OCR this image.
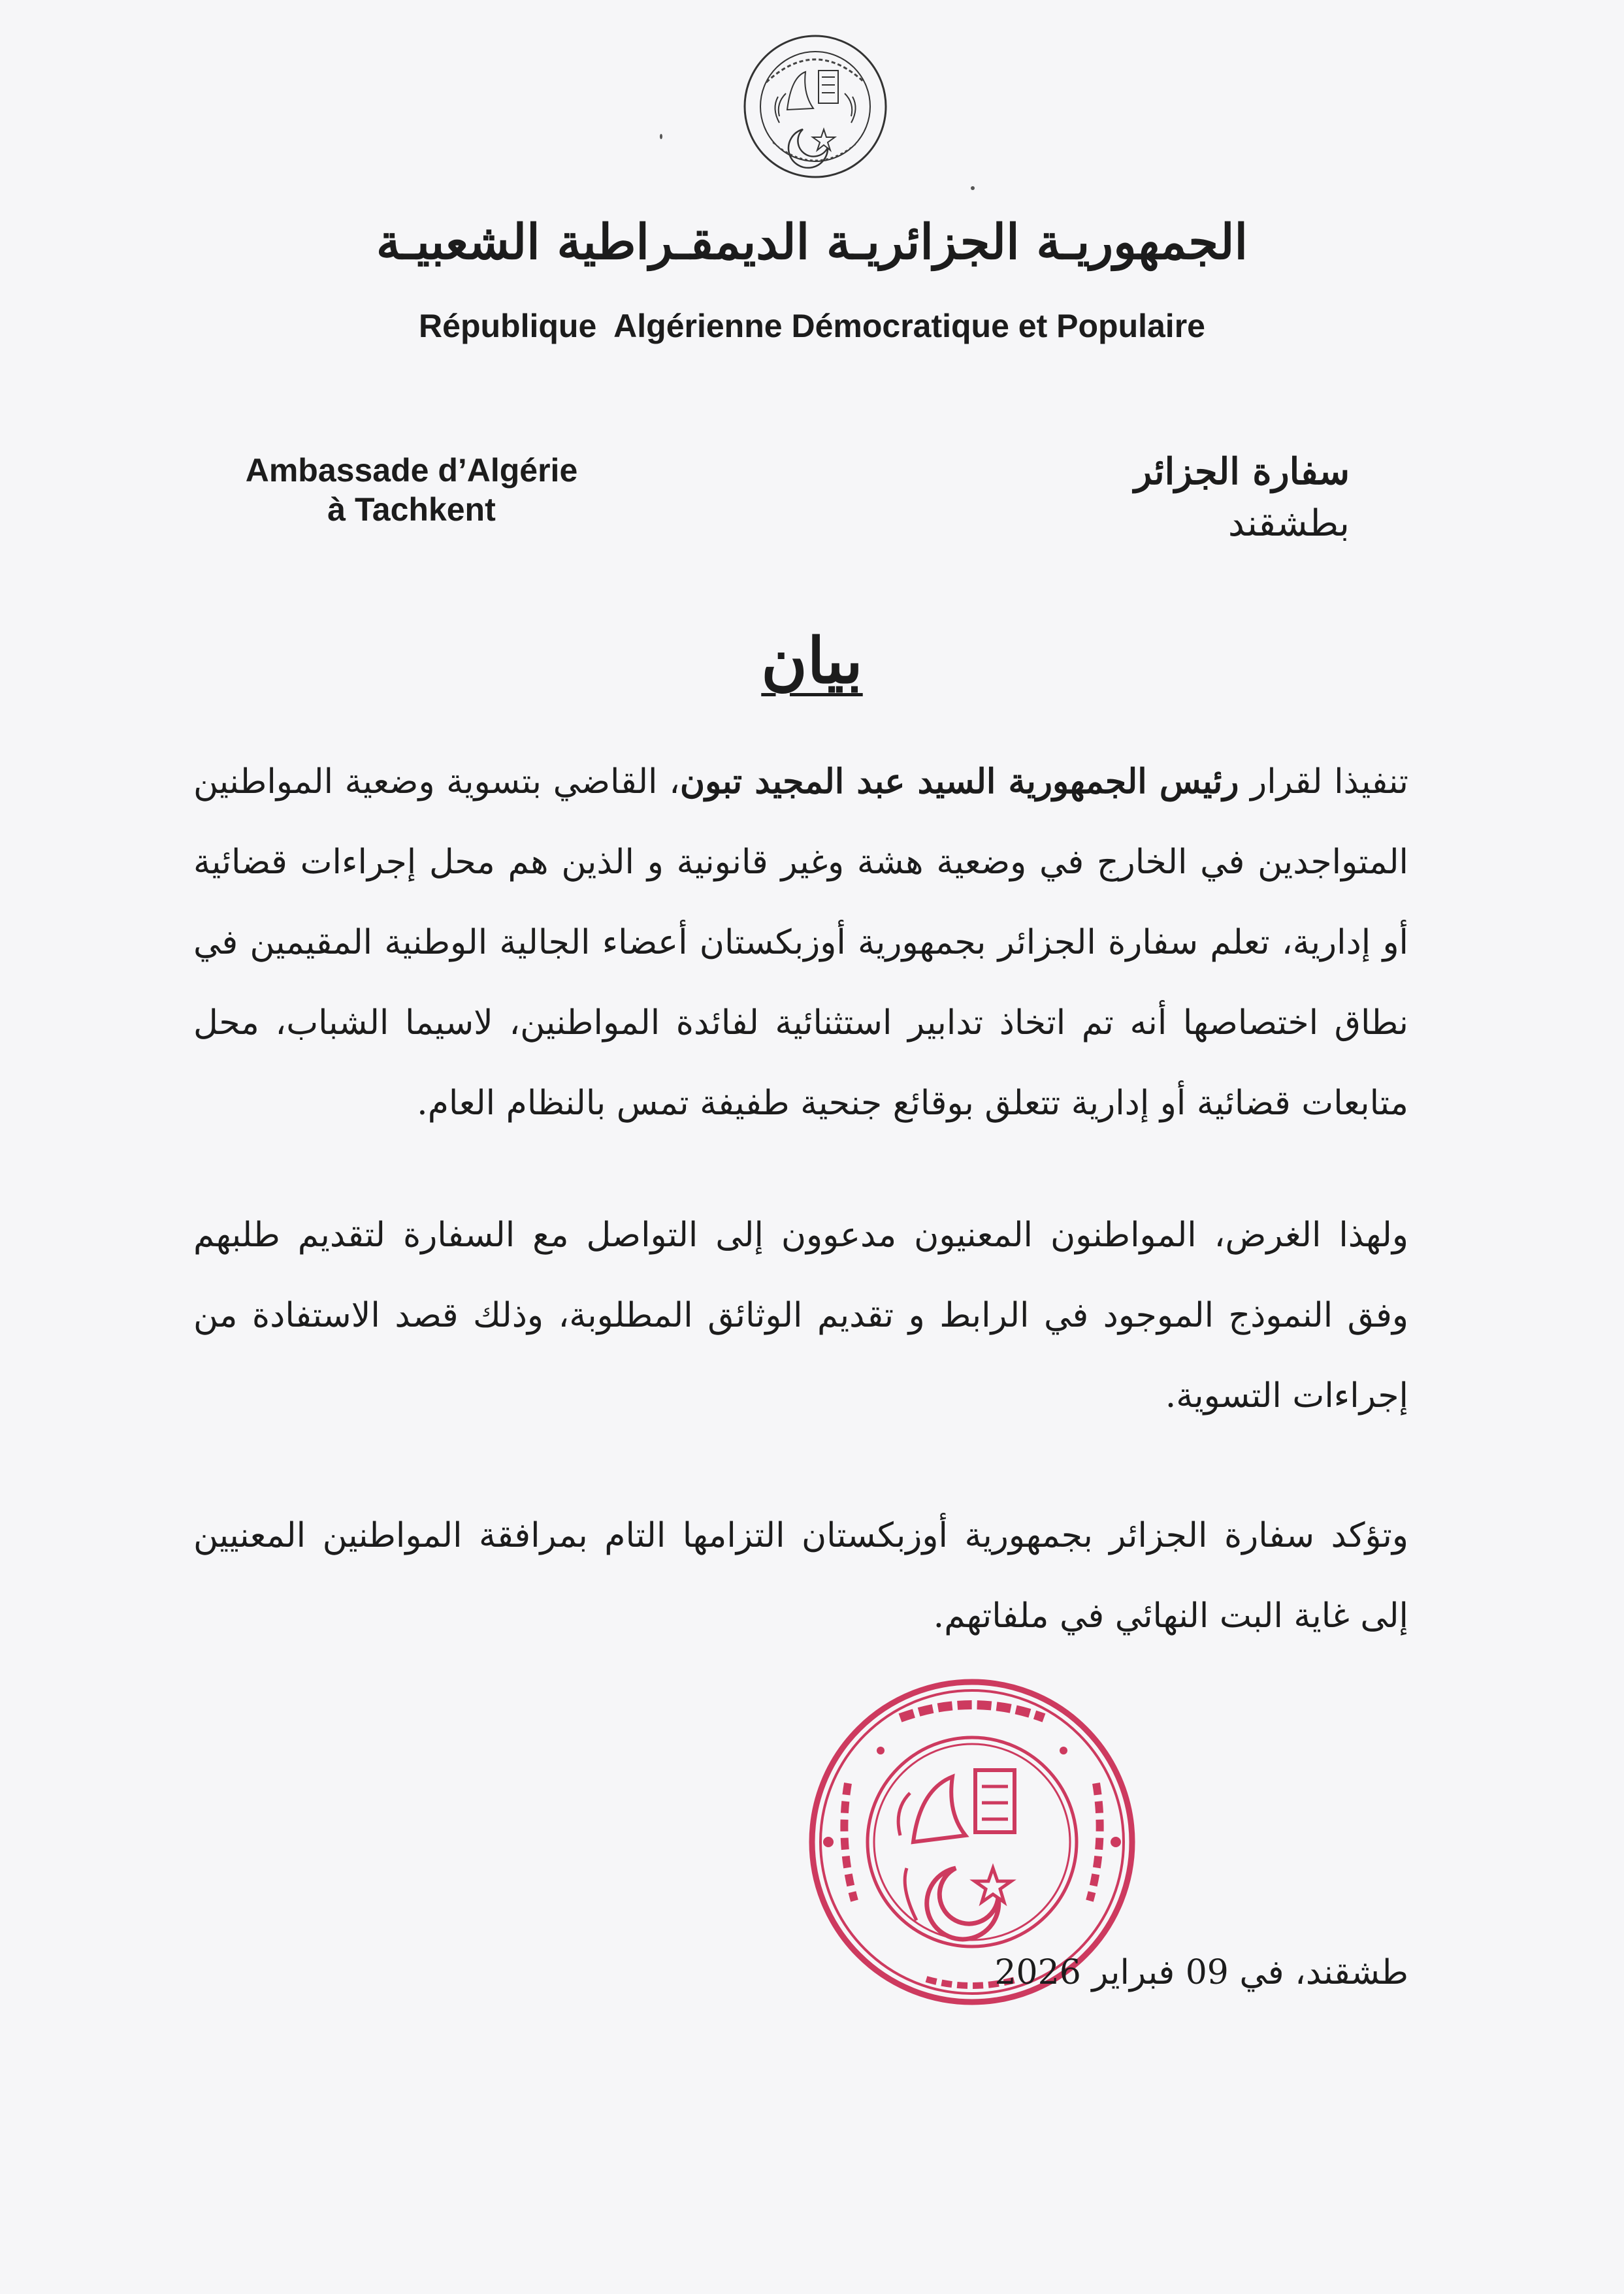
الجمهوريـة الجزائريـة الديمقـراطية الشعبيـة
République  Algérienne Démocratique et Populaire
Ambassade d’Algérie
à Tachkent
سفارة الجزائر
بطشقند
بيان

تنفيذا لقرار رئيس الجمهورية السيد عبد المجيد تبون، القاضي بتسوية وضعية المواطنين المتواجدين في الخارج في وضعية هشة وغير قانونية و الذين هم محل إجراءات قضائية أو إدارية، تعلم سفارة الجزائر بجمهورية أوزبكستان أعضاء الجالية الوطنية المقيمين في نطاق اختصاصها أنه تم اتخاذ تدابير استثنائية لفائدة المواطنين، لاسيما الشباب، محل متابعات قضائية أو إدارية تتعلق بوقائع جنحية طفيفة تمس بالنظام العام.

ولهذا الغرض، المواطنون المعنيون مدعوون إلى التواصل مع السفارة لتقديم طلبهم وفق النموذج الموجود في الرابط و تقديم الوثائق المطلوبة، وذلك قصد الاستفادة من إجراءات التسوية.

وتؤكد سفارة الجزائر بجمهورية أوزبكستان التزامها التام بمرافقة المواطنين المعنيين إلى غاية البت النهائي في ملفاتهم.

طشقند، في 09 فبراير 2026
